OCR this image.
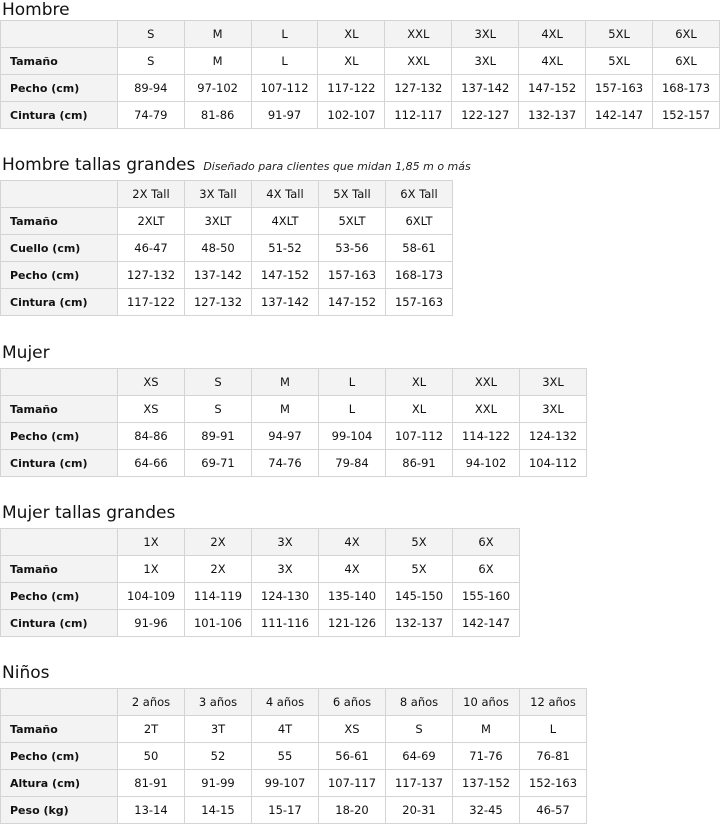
Hombre
	S	M	L	XL	XXL	3XL	4XL	5XL	6XL
Tamaño	S	M	L	XL	XXL	3XL	4XL	5XL	6XL
Pecho (cm)	89-94	97-102	107-112	117-122	127-132	137-142	147-152	157-163	168-173
Cintura (cm)	74-79	81-86	91-97	102-107	112-117	122-127	132-137	142-147	152-157
Hombre tallas grandes Diseñado para clientes que midan 1,85 m o más
	2X Tall	3X Tall	4X Tall	5X Tall	6X Tall
Tamaño	2XLT	3XLT	4XLT	5XLT	6XLT
Cuello (cm)	46-47	48-50	51-52	53-56	58-61
Pecho (cm)	127-132	137-142	147-152	157-163	168-173
Cintura (cm)	117-122	127-132	137-142	147-152	157-163
Mujer
	XS	S	M	L	XL	XXL	3XL
Tamaño	XS	S	M	L	XL	XXL	3XL
Pecho (cm)	84-86	89-91	94-97	99-104	107-112	114-122	124-132
Cintura (cm)	64-66	69-71	74-76	79-84	86-91	94-102	104-112
Mujer tallas grandes
	1X	2X	3X	4X	5X	6X
Tamaño	1X	2X	3X	4X	5X	6X
Pecho (cm)	104-109	114-119	124-130	135-140	145-150	155-160
Cintura (cm)	91-96	101-106	111-116	121-126	132-137	142-147
Niños
	2 años	3 años	4 años	6 años	8 años	10 años	12 años
Tamaño	2T	3T	4T	XS	S	M	L
Pecho (cm)	50	52	55	56-61	64-69	71-76	76-81
Altura (cm)	81-91	91-99	99-107	107-117	117-137	137-152	152-163
Peso (kg)	13-14	14-15	15-17	18-20	20-31	32-45	46-57
